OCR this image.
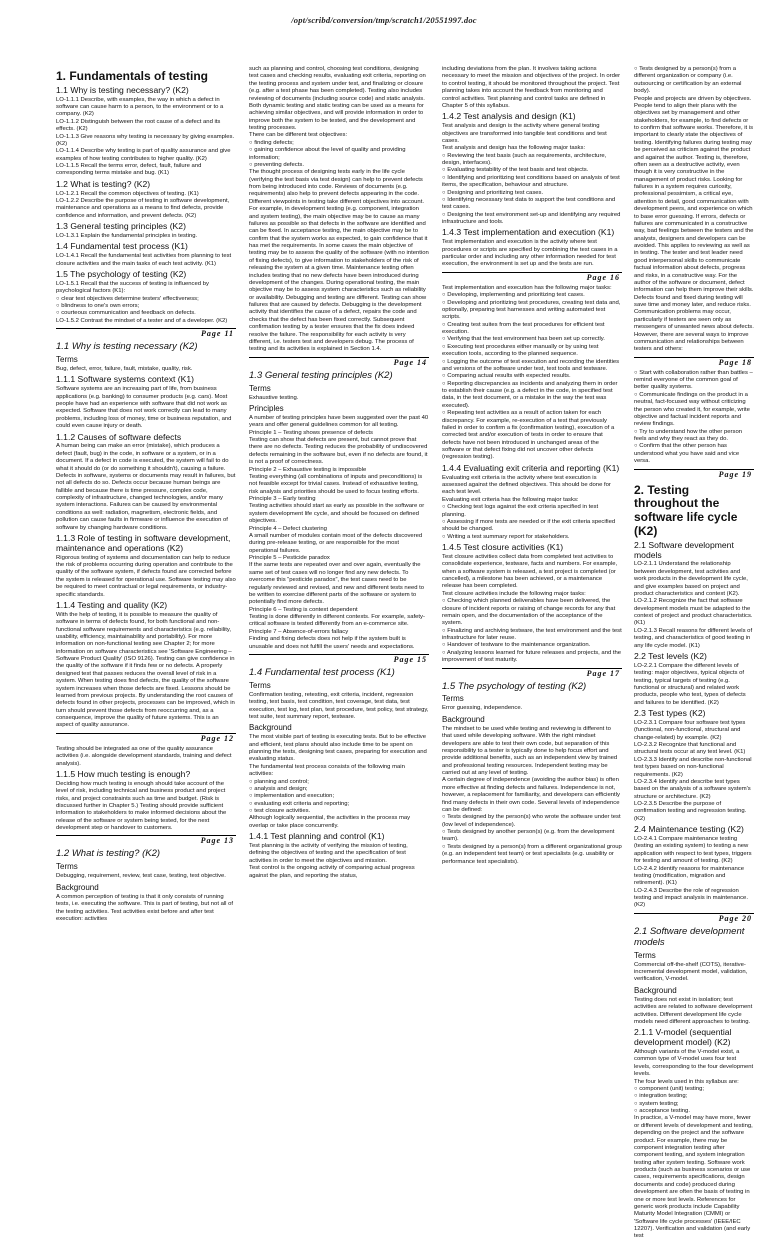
/opt/scribd/conversion/tmp/scratch1/20551997.doc
1. Fundamentals of testing
1.1 Why is testing necessary? (K2)
LO-1.1.1 Describe, with examples, the way in which a defect in software can cause harm to a person, to the environment or to a company. (K2)
LO-1.1.2 Distinguish between the root cause of a defect and its effects. (K2)
LO-1.1.3 Give reasons why testing is necessary by giving examples. (K2)
LO-1.1.4 Describe why testing is part of quality assurance and give examples of how testing contributes to higher quality. (K2)
LO-1.1.5 Recall the terms error, defect, fault, failure and corresponding terms mistake and bug. (K1)
1.2 What is testing? (K2)
LO-1.2.1 Recall the common objectives of testing. (K1)
LO-1.2.2 Describe the purpose of testing in software development, maintenance and operations as a means to find defects, provide confidence and information, and prevent defects. (K2)
1.3 General testing principles (K2)
LO-1.3.1 Explain the fundamental principles in testing.
1.4 Fundamental test process (K1)
LO-1.4.1 Recall the fundamental test activities from planning to test closure activities and the main tasks of each test activity. (K1)
1.5 The psychology of testing (K2)
LO-1.5.1 Recall that the success of testing is influenced by psychological factors (K1):
○ clear test objectives determine testers' effectiveness;
○ blindness to one's own errors;
○ courteous communication and feedback on defects.
LO-1.5.2 Contrast the mindset of a tester and of a developer. (K2)
Page 11
1.1 Why is testing necessary (K2)
Terms
Bug, defect, error, failure, fault, mistake, quality, risk.
1.1.1 Software systems context (K1)
Software systems are an increasing part of life, from business applications (e.g. banking) to consumer products (e.g. cars). Most people have had an experience with software that did not work as expected. Software that does not work correctly can lead to many problems, including loss of money, time or business reputation, and could even cause injury or death.
1.1.2 Causes of software defects
A human being can make an error (mistake), which produces a defect (fault, bug) in the code, in software or a system, or in a document. If a defect in code is executed, the system will fail to do what it should do (or do something it shouldn't), causing a failure. Defects in software, systems or documents may result in failures, but not all defects do so. Defects occur because human beings are fallible and because there is time pressure, complex code, complexity of infrastructure, changed technologies, and/or many system interactions. Failures can be caused by environmental conditions as well: radiation, magnetism, electronic fields, and pollution can cause faults in firmware or influence the execution of software by changing hardware conditions.
1.1.3 Role of testing in software development, maintenance and operations (K2)
Rigorous testing of systems and documentation can help to reduce the risk of problems occurring during operation and contribute to the quality of the software system, if defects found are corrected before the system is released for operational use. Software testing may also be required to meet contractual or legal requirements, or industry-specific standards.
1.1.4 Testing and quality (K2)
With the help of testing, it is possible to measure the quality of software in terms of defects found, for both functional and non-functional software requirements and characteristics (e.g. reliability, usability, efficiency, maintainability and portability). For more information on non-functional testing see Chapter 2; for more information on software characteristics see 'Software Engineering – Software Product Quality' (ISO 9126). Testing can give confidence in the quality of the software if it finds few or no defects. A properly designed test that passes reduces the overall level of risk in a system. When testing does find defects, the quality of the software system increases when those defects are fixed. Lessons should be learned from previous projects. By understanding the root causes of defects found in other projects, processes can be improved, which in turn should prevent those defects from reoccurring and, as a consequence, improve the quality of future systems. This is an aspect of quality assurance.
Page 12
Testing should be integrated as one of the quality assurance activities (i.e. alongside development standards, training and defect analysis).
1.1.5 How much testing is enough?
Deciding how much testing is enough should take account of the level of risk, including technical and business product and project risks, and project constraints such as time and budget. (Risk is discussed further in Chapter 5.) Testing should provide sufficient information to stakeholders to make informed decisions about the release of the software or system being tested, for the next development step or handover to customers.
Page 13
1.2 What is testing? (K2)
Terms
Debugging, requirement, review, test case, testing, test objective.
Background
A common perception of testing is that it only consists of running tests, i.e. executing the software. This is part of testing, but not all of the testing activities. Test activities exist before and after test execution: activities
such as planning and control, choosing test conditions, designing test cases and checking results, evaluating exit criteria, reporting on the testing process and system under test, and finalizing or closure (e.g. after a test phase has been completed). Testing also includes reviewing of documents (including source code) and static analysis. Both dynamic testing and static testing can be used as a means for achieving similar objectives, and will provide information in order to improve both the system to be tested, and the development and testing processes.
There can be different test objectives:
○ finding defects;
○ gaining confidence about the level of quality and providing information;
○ preventing defects.
The thought process of designing tests early in the life cycle (verifying the test basis via test design) can help to prevent defects from being introduced into code. Reviews of documents (e.g. requirements) also help to prevent defects appearing in the code. Different viewpoints in testing take different objectives into account. For example, in development testing (e.g. component, integration and system testing), the main objective may be to cause as many failures as possible so that defects in the software are identified and can be fixed. In acceptance testing, the main objective may be to confirm that the system works as expected, to gain confidence that it has met the requirements. In some cases the main objective of testing may be to assess the quality of the software (with no intention of fixing defects), to give information to stakeholders of the risk of releasing the system at a given time. Maintenance testing often includes testing that no new defects have been introduced during development of the changes. During operational testing, the main objective may be to assess system characteristics such as reliability or availability. Debugging and testing are different. Testing can show failures that are caused by defects. Debugging is the development activity that identifies the cause of a defect, repairs the code and checks that the defect has been fixed correctly. Subsequent confirmation testing by a tester ensures that the fix does indeed resolve the failure. The responsibility for each activity is very different, i.e. testers test and developers debug. The process of testing and its activities is explained in Section 1.4.
Page 14
1.3 General testing principles (K2)
Terms
Exhaustive testing.
Principles
A number of testing principles have been suggested over the past 40 years and offer general guidelines common for all testing.
Principle 1 – Testing shows presence of defects
Testing can show that defects are present, but cannot prove that there are no defects. Testing reduces the probability of undiscovered defects remaining in the software but, even if no defects are found, it is not a proof of correctness.
Principle 2 – Exhaustive testing is impossible
Testing everything (all combinations of inputs and preconditions) is not feasible except for trivial cases. Instead of exhaustive testing, risk analysis and priorities should be used to focus testing efforts.
Principle 3 – Early testing
Testing activities should start as early as possible in the software or system development life cycle, and should be focused on defined objectives.
Principle 4 – Defect clustering
A small number of modules contain most of the defects discovered during pre-release testing, or are responsible for the most operational failures.
Principle 5 – Pesticide paradox
If the same tests are repeated over and over again, eventually the same set of test cases will no longer find any new defects. To overcome this “pesticide paradox”, the test cases need to be regularly reviewed and revised, and new and different tests need to be written to exercise different parts of the software or system to potentially find more defects.
Principle 6 – Testing is context dependent
Testing is done differently in different contexts. For example, safety-critical software is tested differently from an e-commerce site.
Principle 7 – Absence-of-errors fallacy
Finding and fixing defects does not help if the system built is unusable and does not fulfill the users' needs and expectations.
Page 15
1.4 Fundamental test process (K1)
Terms
Confirmation testing, retesting, exit criteria, incident, regression testing, test basis, test condition, test coverage, test data, test execution, test log, test plan, test procedure, test policy, test strategy, test suite, test summary report, testware.
Background
The most visible part of testing is executing tests. But to be effective and efficient, test plans should also include time to be spent on planning the tests, designing test cases, preparing for execution and evaluating status.
The fundamental test process consists of the following main activities:
○ planning and control;
○ analysis and design;
○ implementation and execution;
○ evaluating exit criteria and reporting;
○ test closure activities.
Although logically sequential, the activities in the process may overlap or take place concurrently.
1.4.1 Test planning and control (K1)
Test planning is the activity of verifying the mission of testing, defining the objectives of testing and the specification of test activities in order to meet the objectives and mission.
Test control is the ongoing activity of comparing actual progress against the plan, and reporting the status,
including deviations from the plan. It involves taking actions necessary to meet the mission and objectives of the project. In order to control testing, it should be monitored throughout the project. Test planning takes into account the feedback from monitoring and control activities. Test planning and control tasks are defined in Chapter 5 of this syllabus.
1.4.2 Test analysis and design (K1)
Test analysis and design is the activity where general testing objectives are transformed into tangible test conditions and test cases.
Test analysis and design has the following major tasks:
○ Reviewing the test basis (such as requirements, architecture, design, interfaces).
○ Evaluating testability of the test basis and test objects.
○ Identifying and prioritizing test conditions based on analysis of test items, the specification, behaviour and structure.
○ Designing and prioritizing test cases.
○ Identifying necessary test data to support the test conditions and test cases.
○ Designing the test environment set-up and identifying any required infrastructure and tools.
1.4.3 Test implementation and execution (K1)
Test implementation and execution is the activity where test procedures or scripts are specified by combining the test cases in a particular order and including any other information needed for test execution, the environment is set up and the tests are run.
Page 16
Test implementation and execution has the following major tasks:
○ Developing, implementing and prioritizing test cases.
○ Developing and prioritizing test procedures, creating test data and, optionally, preparing test harnesses and writing automated test scripts.
○ Creating test suites from the test procedures for efficient test execution.
○ Verifying that the test environment has been set up correctly.
○ Executing test procedures either manually or by using test execution tools, according to the planned sequence.
○ Logging the outcome of test execution and recording the identities and versions of the software under test, test tools and testware.
○ Comparing actual results with expected results.
○ Reporting discrepancies as incidents and analyzing them in order to establish their cause (e.g. a defect in the code, in specified test data, in the test document, or a mistake in the way the test was executed).
○ Repeating test activities as a result of action taken for each discrepancy. For example, re-execution of a test that previously failed in order to confirm a fix (confirmation testing), execution of a corrected test and/or execution of tests in order to ensure that defects have not been introduced in unchanged areas of the software or that defect fixing did not uncover other defects (regression testing).
1.4.4 Evaluating exit criteria and reporting (K1)
Evaluating exit criteria is the activity where test execution is assessed against the defined objectives. This should be done for each test level.
Evaluating exit criteria has the following major tasks:
○ Checking test logs against the exit criteria specified in test planning.
○ Assessing if more tests are needed or if the exit criteria specified should be changed.
○ Writing a test summary report for stakeholders.
1.4.5 Test closure activities (K1)
Test closure activities collect data from completed test activities to consolidate experience, testware, facts and numbers. For example, when a software system is released, a test project is completed (or cancelled), a milestone has been achieved, or a maintenance release has been completed.
Test closure activities include the following major tasks:
○ Checking which planned deliverables have been delivered, the closure of incident reports or raising of change records for any that remain open, and the documentation of the acceptance of the system.
○ Finalizing and archiving testware, the test environment and the test infrastructure for later reuse.
○ Handover of testware to the maintenance organization.
○ Analyzing lessons learned for future releases and projects, and the improvement of test maturity.
Page 17
1.5 The psychology of testing (K2)
Terms
Error guessing, independence.
Background
The mindset to be used while testing and reviewing is different to that used while developing software. With the right mindset developers are able to test their own code, but separation of this responsibility to a tester is typically done to help focus effort and provide additional benefits, such as an independent view by trained and professional testing resources. Independent testing may be carried out at any level of testing.
A certain degree of independence (avoiding the author bias) is often more effective at finding defects and failures. Independence is not, however, a replacement for familiarity, and developers can efficiently find many defects in their own code. Several levels of independence can be defined:
○ Tests designed by the person(s) who wrote the software under test (low level of independence).
○ Tests designed by another person(s) (e.g. from the development team).
○ Tests designed by a person(s) from a different organizational group (e.g. an independent test team) or test specialists (e.g. usability or performance test specialists).
○ Tests designed by a person(s) from a different organization or company (i.e. outsourcing or certification by an external body).
People and projects are driven by objectives. People tend to align their plans with the objectives set by management and other stakeholders, for example, to find defects or to confirm that software works. Therefore, it is important to clearly state the objectives of testing. Identifying failures during testing may be perceived as criticism against the product and against the author. Testing is, therefore, often seen as a destructive activity, even though it is very constructive in the management of product risks. Looking for failures in a system requires curiosity, professional pessimism, a critical eye, attention to detail, good communication with development peers, and experience on which to base error guessing. If errors, defects or failures are communicated in a constructive way, bad feelings between the testers and the analysts, designers and developers can be avoided. This applies to reviewing as well as in testing. The tester and test leader need good interpersonal skills to communicate factual information about defects, progress and risks, in a constructive way. For the author of the software or document, defect information can help them improve their skills. Defects found and fixed during testing will save time and money later, and reduce risks. Communication problems may occur, particularly if testers are seen only as messengers of unwanted news about defects. However, there are several ways to improve communication and relationships between testers and others:
Page 18
○ Start with collaboration rather than battles – remind everyone of the common goal of better quality systems.
○ Communicate findings on the product in a neutral, fact-focused way without criticizing the person who created it, for example, write objective and factual incident reports and review findings.
○ Try to understand how the other person feels and why they react as they do.
○ Confirm that the other person has understood what you have said and vice versa.
Page 19
2. Testing throughout the software life cycle (K2)
2.1 Software development models
LO-2.1.1 Understand the relationship between development, test activities and work products in the development life cycle, and give examples based on project and product characteristics and context (K2).
LO-2.1.2 Recognize the fact that software development models must be adapted to the context of project and product characteristics. (K1)
LO-2.1.3 Recall reasons for different levels of testing, and characteristics of good testing in any life cycle model. (K1)
2.2 Test levels (K2)
LO-2.2.1 Compare the different levels of testing: major objectives, typical objects of testing, typical targets of testing (e.g. functional or structural) and related work products, people who test, types of defects and failures to be identified. (K2)
2.3 Test types (K2)
LO-2.3.1 Compare four software test types (functional, non-functional, structural and change-related) by example. (K2)
LO-2.3.2 Recognize that functional and structural tests occur at any test level. (K1)
LO-2.3.3 Identify and describe non-functional test types based on non-functional requirements. (K2)
LO-2.3.4 Identify and describe test types based on the analysis of a software system's structure or architecture. (K2)
LO-2.3.5 Describe the purpose of confirmation testing and regression testing. (K2)
2.4 Maintenance testing (K2)
LO-2.4.1 Compare maintenance testing (testing an existing system) to testing a new application with respect to test types, triggers for testing and amount of testing. (K2)
LO-2.4.2 Identify reasons for maintenance testing (modification, migration and retirement). (K1)
LO-2.4.3 Describe the role of regression testing and impact analysis in maintenance. (K2)
Page 20
2.1 Software development models
Terms
Commercial off-the-shelf (COTS), iterative-incremental development model, validation, verification, V-model.
Background
Testing does not exist in isolation; test activities are related to software development activities. Different development life cycle models need different approaches to testing.
2.1.1 V-model (sequential development model) (K2)
Although variants of the V-model exist, a common type of V-model uses four test levels, corresponding to the four development levels.
The four levels used in this syllabus are:
○ component (unit) testing;
○ integration testing;
○ system testing;
○ acceptance testing.
In practice, a V-model may have more, fewer or different levels of development and testing, depending on the project and the software product. For example, there may be component integration testing after component testing, and system integration testing after system testing. Software work products (such as business scenarios or use cases, requirements specifications, design documents and code) produced during development are often the basis of testing in one or more test levels. References for generic work products include Capability Maturity Model Integration (CMMI) or 'Software life cycle processes' (IEEE/IEC 12207). Verification and validation (and early test
